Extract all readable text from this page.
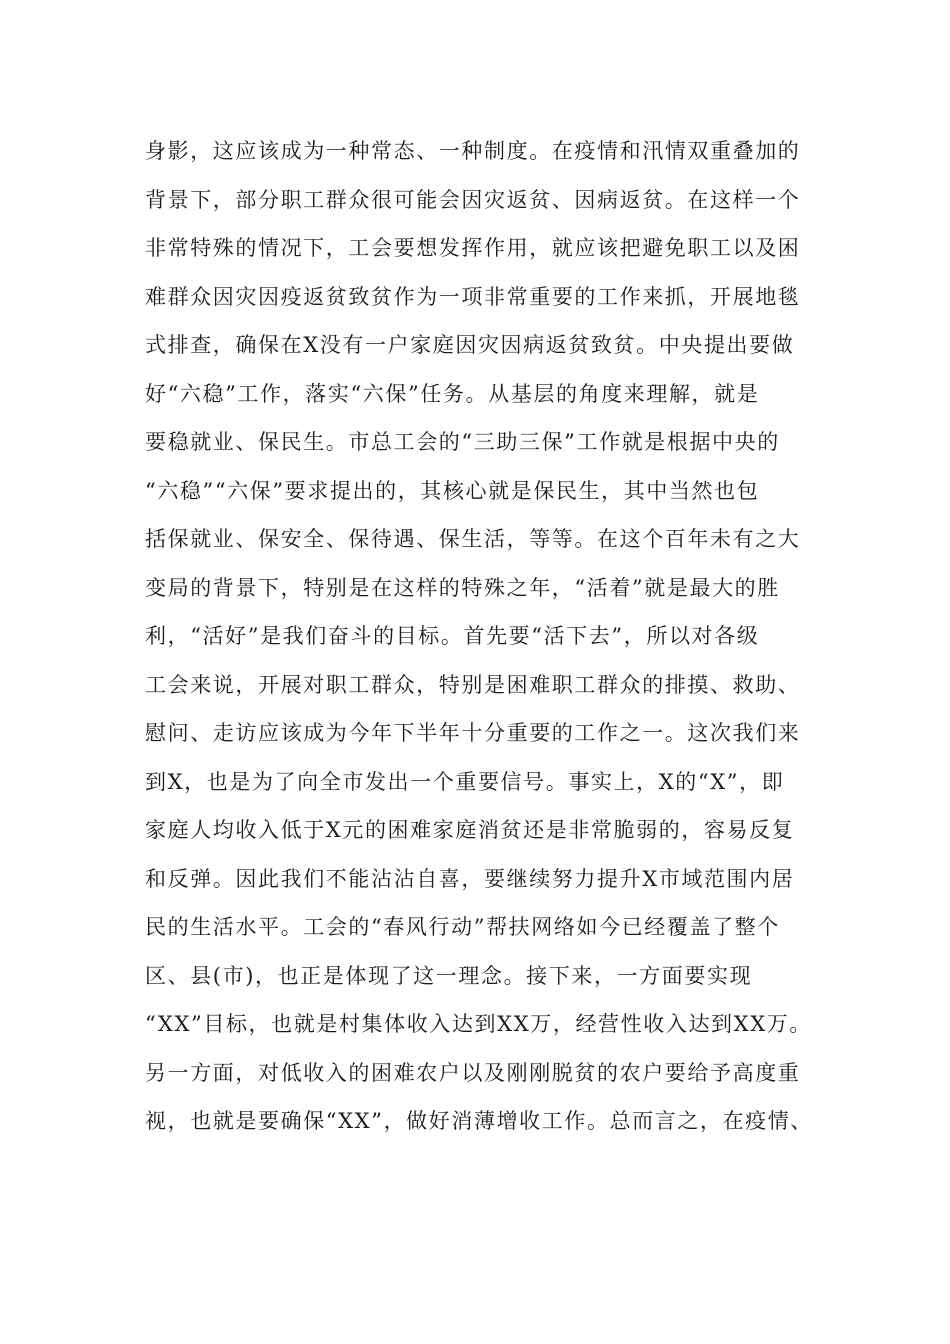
身影，这应该成为一种常态、一种制度。在疫情和汛情双重叠加的
背景下，部分职工群众很可能会因灾返贫、因病返贫。在这样一个
非常特殊的情况下，工会要想发挥作用，就应该把避免职工以及困
难群众因灾因疫返贫致贫作为一项非常重要的工作来抓，开展地毯
式排查，确保在X没有一户家庭因灾因病返贫致贫。中央提出要做
好“六稳”工作，落实“六保”任务。从基层的角度来理解，就是
要稳就业、保民生。市总工会的“三助三保”工作就是根据中央的
“六稳”“六保”要求提出的，其核心就是保民生，其中当然也包
括保就业、保安全、保待遇、保生活，等等。在这个百年未有之大
变局的背景下，特别是在这样的特殊之年，“活着”就是最大的胜
利，“活好”是我们奋斗的目标。首先要“活下去”，所以对各级
工会来说，开展对职工群众，特别是困难职工群众的排摸、救助、
慰问、走访应该成为今年下半年十分重要的工作之一。这次我们来
到X，也是为了向全市发出一个重要信号。事实上，X的“X”，即
家庭人均收入低于X元的困难家庭消贫还是非常脆弱的，容易反复
和反弹。因此我们不能沾沾自喜，要继续努力提升X市域范围内居
民的生活水平。工会的“春风行动”帮扶网络如今已经覆盖了整个
区、县(市)，也正是体现了这一理念。接下来，一方面要实现
“XX”目标，也就是村集体收入达到XX万，经营性收入达到XX万。
另一方面，对低收入的困难农户以及刚刚脱贫的农户要给予高度重
视，也就是要确保“XX”，做好消薄增收工作。总而言之，在疫情、
